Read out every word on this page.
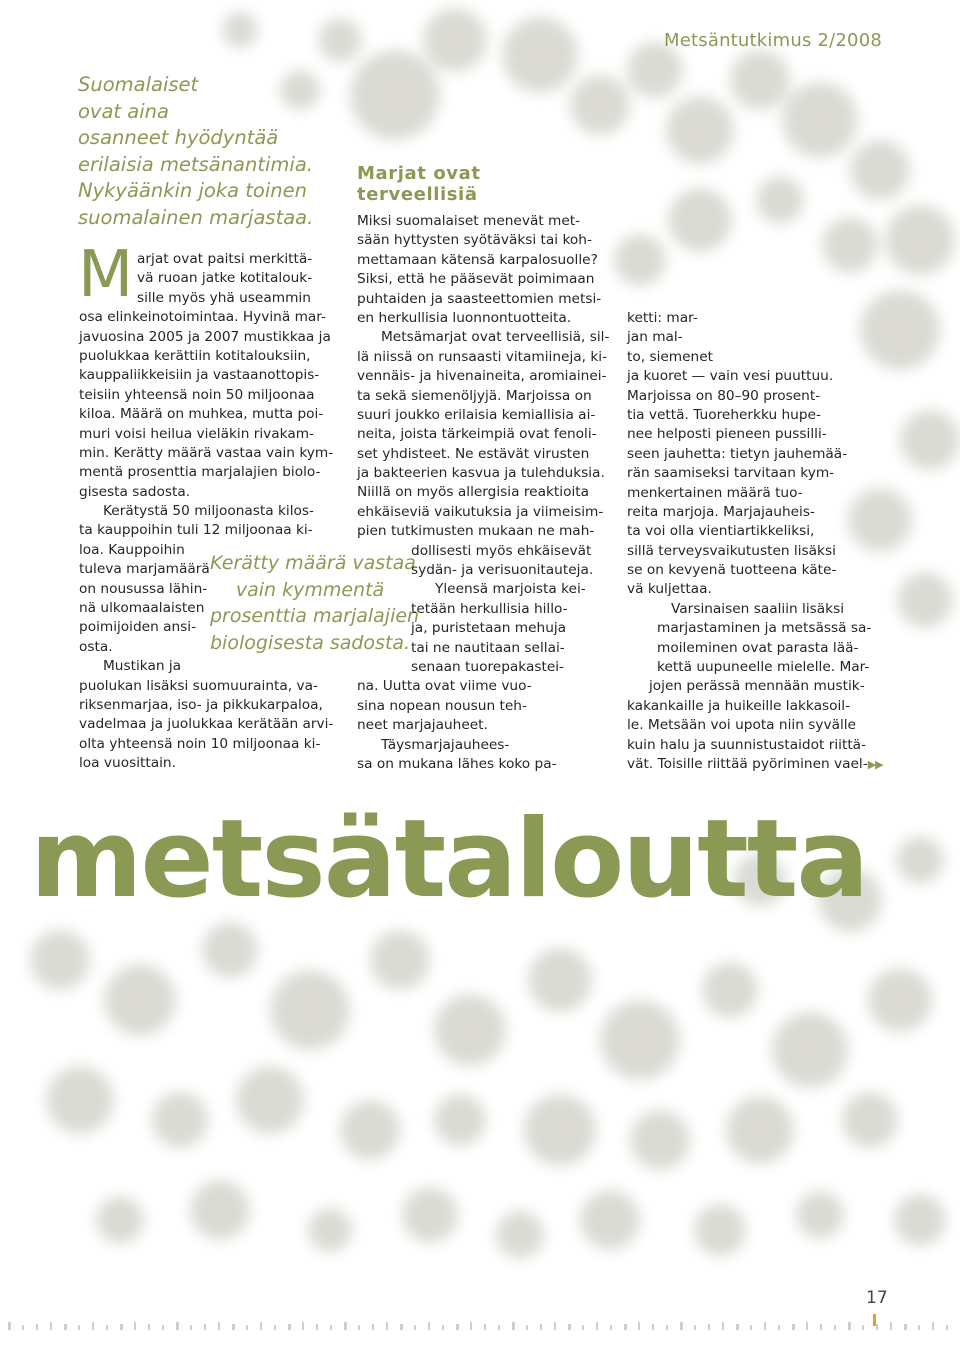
Metsäntutkimus 2/2008
Suomalaiset
ovat aina
osanneet hyödyntää
erilaisia metsänantimia.
Nykyäänkin joka toinen
suomalainen marjastaa.
M arjat ovat paitsi merkittä-
vä ruoan jatke kotitalouk-
sille myös yhä useammin
osa elinkeinotoimintaa. Hyvinä mar-
javuosina 2005 ja 2007 mustikkaa ja
puolukkaa kerättiin kotitalouksiin,
kauppaliikkeisiin ja vastaanottopis-
teisiin yhteensä noin 50 miljoonaa
kiloa. Määrä on muhkea, mutta poi-
muri voisi heilua vieläkin rivakam-
min. Kerätty määrä vastaa vain kym-
mentä prosenttia marjalajien biolo-
gisesta sadosta.
Kerätystä 50 miljoonasta kilos-
ta kauppoihin tuli 12 miljoonaa ki-
loa. Kauppoihin
tuleva marjamäärä
on nousussa lähin-
nä ulkomaalaisten
poimijoiden ansi-
osta.
Mustikan ja
puolukan lisäksi suomuurainta, va-
riksenmarjaa, iso- ja pikkukarpaloa,
vadelmaa ja juolukkaa kerätään arvi-
olta yhteensä noin 10 miljoonaa ki-
loa vuosittain.
Kerätty määrä vastaa
vain kymmentä
prosenttia marjalajien
biologisesta sadosta.
Marjat ovat
terveellisiä
Miksi suomalaiset menevät met-
sään hyttysten syötäväksi tai koh-
mettamaan kätensä karpalosuolle?
Siksi, että he pääsevät poimimaan
puhtaiden ja saasteettomien metsi-
en herkullisia luonnontuotteita.
Metsämarjat ovat terveellisiä, sil-
lä niissä on runsaasti vitamiineja, ki-
vennäis- ja hivenaineita, aromiainei-
ta sekä siemenöljyjä. Marjoissa on
suuri joukko erilaisia kemiallisia ai-
neita, joista tärkeimpiä ovat fenoli-
set yhdisteet. Ne estävät virusten
ja bakteerien kasvua ja tulehduksia.
Niillä on myös allergisia reaktioita
ehkäiseviä vaikutuksia ja viimeisim-
pien tutkimusten mukaan ne mah-
dollisesti myös ehkäisevät
sydän- ja verisuonitauteja.
Yleensä marjoista kei-
tetään herkullisia hillo-
ja, puristetaan mehuja
tai ne nautitaan sellai-
senaan tuorepakastei-
na. Uutta ovat viime vuo-
sina nopean nousun teh-
neet marjajauheet.
Täysmarjajauhees-
sa on mukana lähes koko pa-
ketti: mar-
jan mal-
to, siemenet
ja kuoret — vain vesi puuttuu.
Marjoissa on 80–90 prosent-
tia vettä. Tuoreherkku hupe-
nee helposti pieneen pussilli-
seen jauhetta: tietyn jauhemää-
rän saamiseksi tarvitaan kym-
menkertainen määrä tuo-
reita marjoja. Marjajauheis-
ta voi olla vientiartikkeliksi,
sillä terveysvaikutusten lisäksi
se on kevyenä tuotteena käte-
vä kuljettaa.
Varsinaisen saaliin lisäksi
marjastaminen ja metsässä sa-
moileminen ovat parasta lää-
kettä uupuneelle mielelle. Mar-
jojen perässä mennään mustik-
kakankaille ja huikeille lakkasoil-
le. Metsään voi upota niin syvälle
kuin halu ja suunnistustaidot riittä-
vät. Toisille riittää pyöriminen vael-▶▶
metsätaloutta
17
